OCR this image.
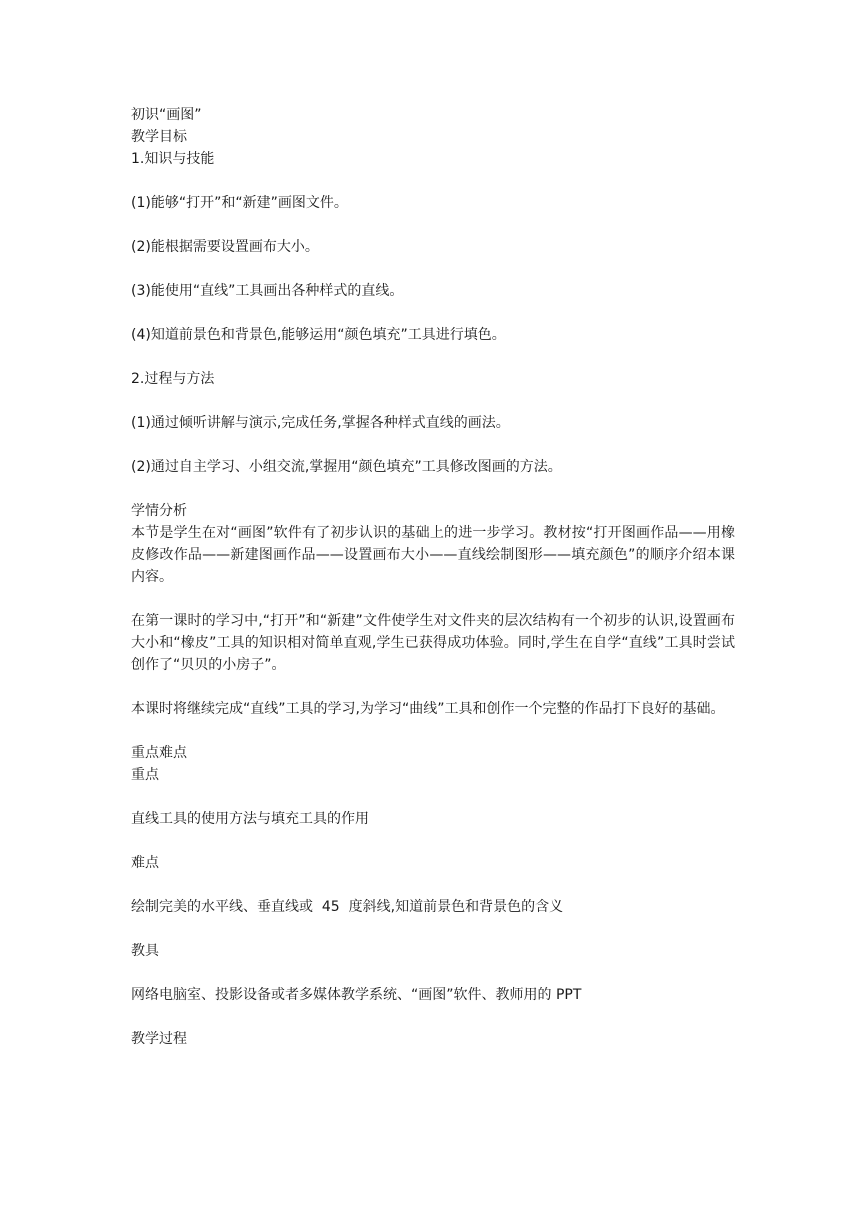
初识“画图”
教学目标
1.知识与技能
(1)能够“打开”和“新建”画图文件。
(2)能根据需要设置画布大小。
(3)能使用“直线”工具画出各种样式的直线。
(4)知道前景色和背景色,能够运用“颜色填充”工具进行填色。
2.过程与方法
(1)通过倾听讲解与演示,完成任务,掌握各种样式直线的画法。
(2)通过自主学习、小组交流,掌握用“颜色填充”工具修改图画的方法。
学情分析
本节是学生在对“画图”软件有了初步认识的基础上的进一步学习。教材按“打开图画作品——用橡皮修改作品——新建图画作品——设置画布大小——直线绘制图形——填充颜色”的顺序介绍本课内容。
在第一课时的学习中,“打开”和“新建”文件使学生对文件夹的层次结构有一个初步的认识,设置画布大小和“橡皮”工具的知识相对简单直观,学生已获得成功体验。同时,学生在自学“直线”工具时尝试创作了“贝贝的小房子”。
本课时将继续完成“直线”工具的学习,为学习“曲线”工具和创作一个完整的作品打下良好的基础。
重点难点
重点
直线工具的使用方法与填充工具的作用
难点
绘制完美的水平线、垂直线或  45  度斜线,知道前景色和背景色的含义
教具
网络电脑室、投影设备或者多媒体教学系统、“画图”软件、教师用的 PPT
教学过程
